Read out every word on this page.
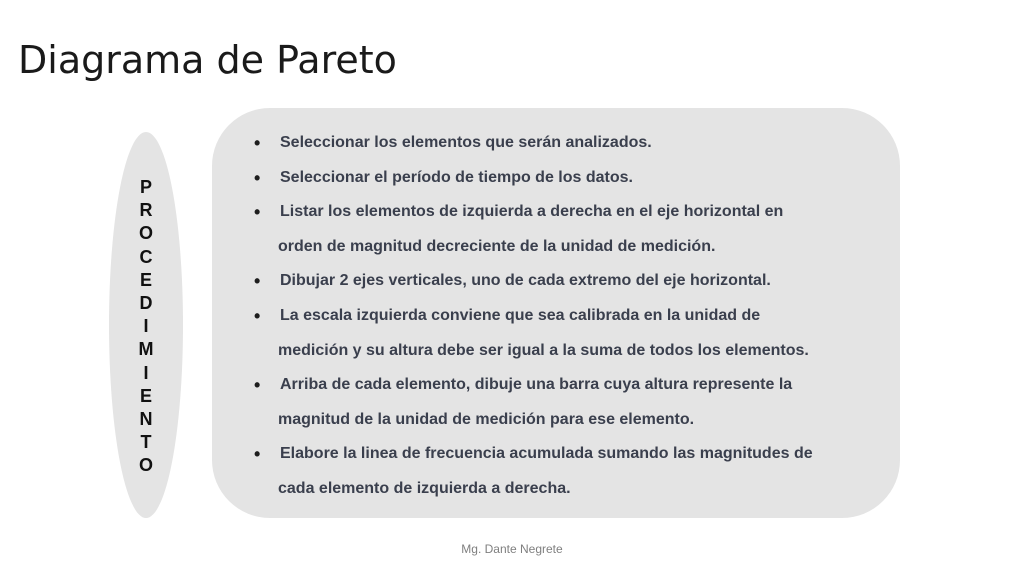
Diagrama de Pareto
P
R
O
C
E
D
I
M
I
E
N
T
O
• Seleccionar los elementos que serán analizados.
• Seleccionar el período de tiempo de los datos.
• Listar los elementos de izquierda a derecha en el eje horizontal en
orden de magnitud decreciente de la unidad de medición.
• Dibujar 2 ejes verticales, uno de cada extremo del eje horizontal.
• La escala izquierda conviene que sea calibrada en la unidad de
medición y su altura debe ser igual a la suma de todos los elementos.
• Arriba de cada elemento, dibuje una barra cuya altura represente la
magnitud de la unidad de medición para ese elemento.
• Elabore la linea de frecuencia acumulada sumando las magnitudes de
cada elemento de izquierda a derecha.
Mg. Dante Negrete
